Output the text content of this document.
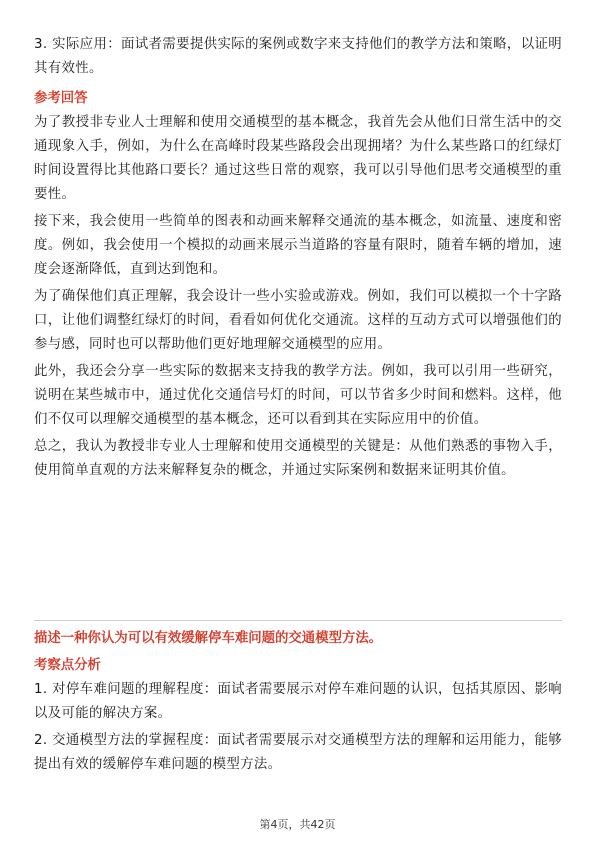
3. 实际应用：面试者需要提供实际的案例或数字来支持他们的教学方法和策略，以证明其有效性。

参考回答

为了教授非专业人士理解和使用交通模型的基本概念，我首先会从他们日常生活中的交通现象入手，例如，为什么在高峰时段某些路段会出现拥堵？为什么某些路口的红绿灯时间设置得比其他路口要长？通过这些日常的观察，我可以引导他们思考交通模型的重要性。

接下来，我会使用一些简单的图表和动画来解释交通流的基本概念，如流量、速度和密度。例如，我会使用一个模拟的动画来展示当道路的容量有限时，随着车辆的增加，速度会逐渐降低，直到达到饱和。

为了确保他们真正理解，我会设计一些小实验或游戏。例如，我们可以模拟一个十字路口，让他们调整红绿灯的时间，看看如何优化交通流。这样的互动方式可以增强他们的参与感，同时也可以帮助他们更好地理解交通模型的应用。

此外，我还会分享一些实际的数据来支持我的教学方法。例如，我可以引用一些研究，说明在某些城市中，通过优化交通信号灯的时间，可以节省多少时间和燃料。这样，他们不仅可以理解交通模型的基本概念，还可以看到其在实际应用中的价值。

总之，我认为教授非专业人士理解和使用交通模型的关键是：从他们熟悉的事物入手，使用简单直观的方法来解释复杂的概念，并通过实际案例和数据来证明其价值。

描述一种你认为可以有效缓解停车难问题的交通模型方法。
考察点分析

1. 对停车难问题的理解程度：面试者需要展示对停车难问题的认识，包括其原因、影响以及可能的解决方案。

2. 交通模型方法的掌握程度：面试者需要展示对交通模型方法的理解和运用能力，能够提出有效的缓解停车难问题的模型方法。

第4页，共42页
